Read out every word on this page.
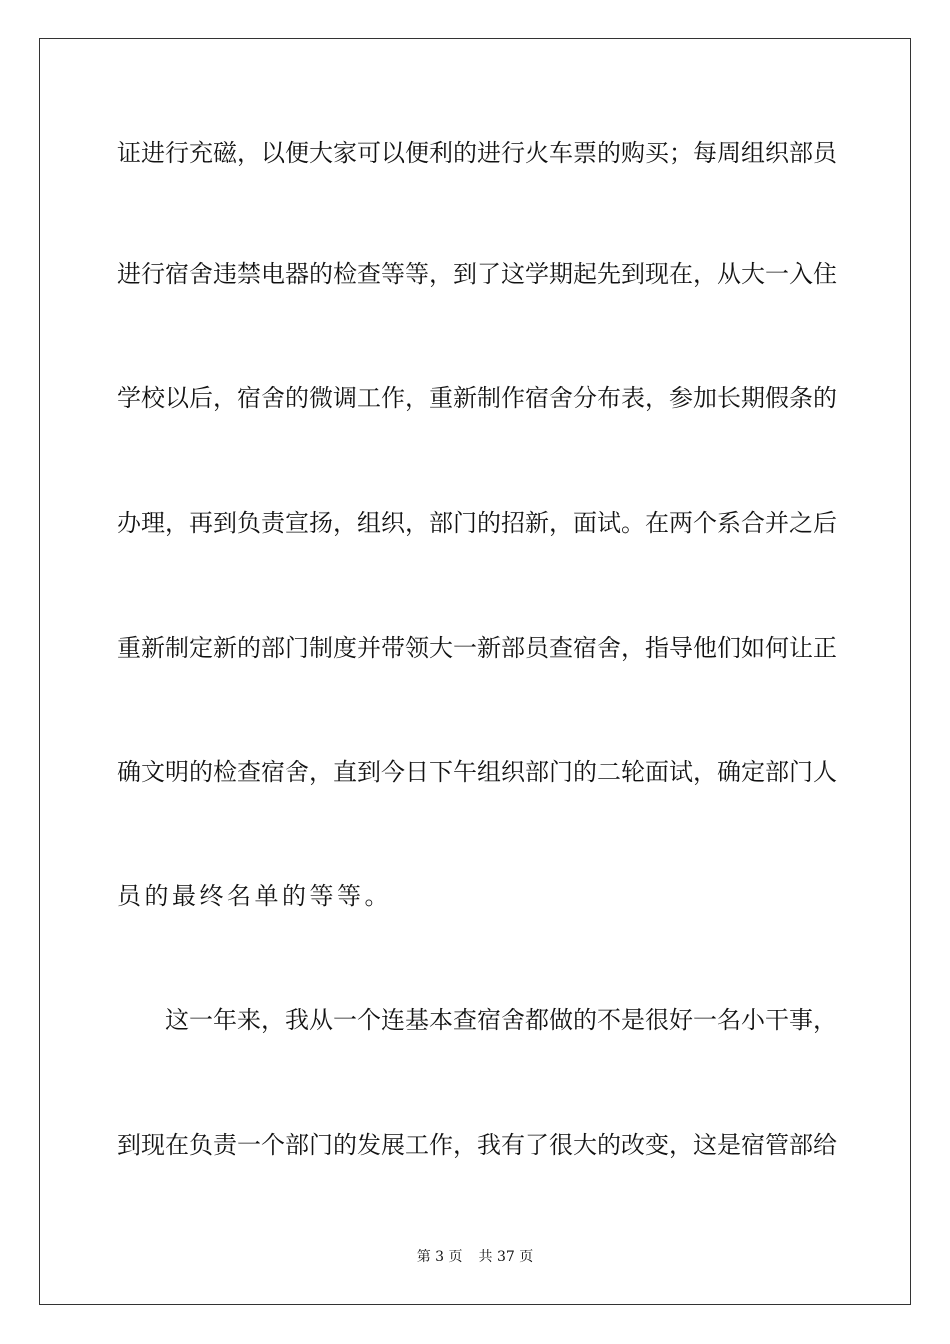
证进行充磁，以便大家可以便利的进行火车票的购买；每周组织部员
进行宿舍违禁电器的检查等等，到了这学期起先到现在，从大一入住
学校以后，宿舍的微调工作，重新制作宿舍分布表，参加长期假条的
办理，再到负责宣扬，组织，部门的招新，面试。在两个系合并之后
重新制定新的部门制度并带领大一新部员查宿舍，指导他们如何让正
确文明的检查宿舍，直到今日下午组织部门的二轮面试，确定部门人
员的最终名单的等等。
这一年来，我从一个连基本查宿舍都做的不是很好一名小干事，
到现在负责一个部门的发展工作，我有了很大的改变，这是宿管部给
第 3 页 共 37 页
